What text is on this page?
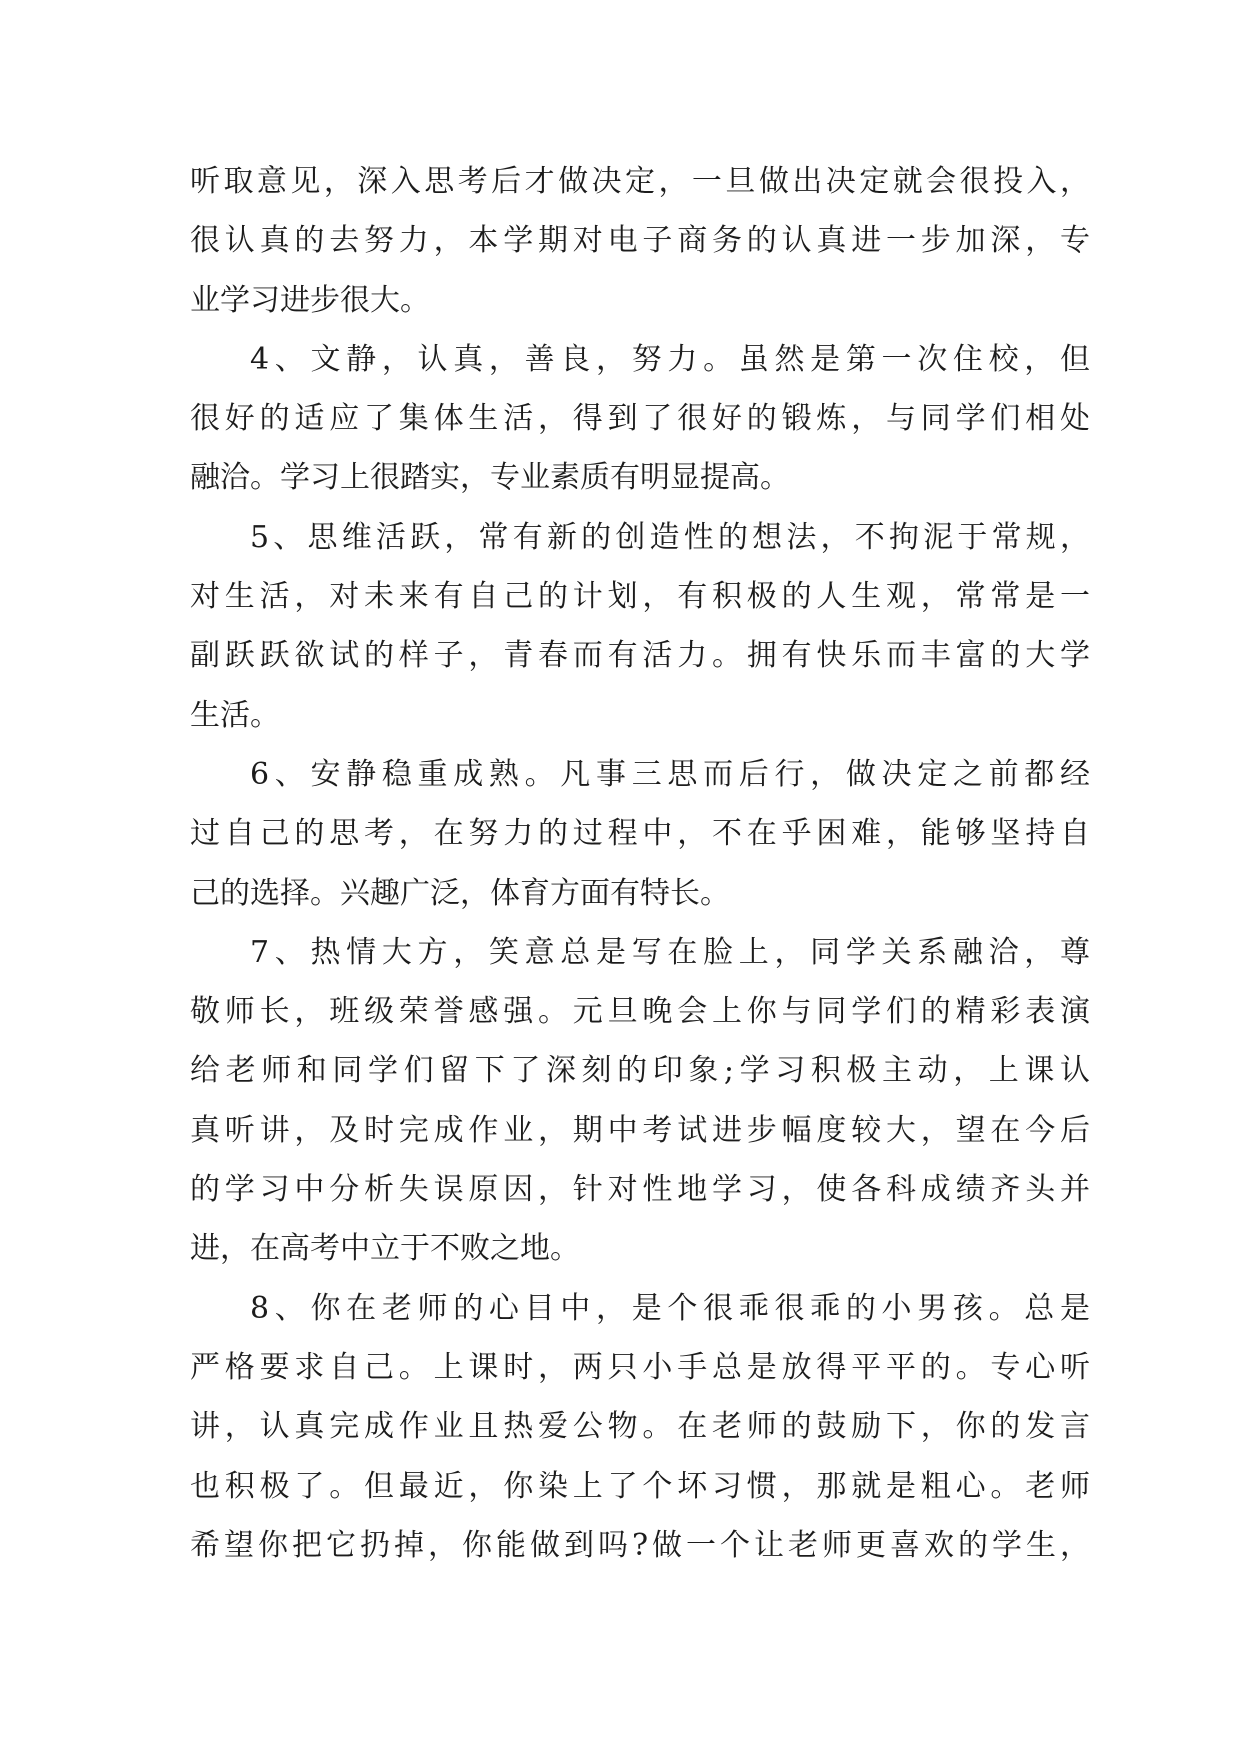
听取意见，深入思考后才做决定，一旦做出决定就会很投入，
很认真的去努力，本学期对电子商务的认真进一步加深，专
业学习进步很大。
4、文静，认真，善良，努力。虽然是第一次住校，但
很好的适应了集体生活，得到了很好的锻炼，与同学们相处
融洽。学习上很踏实，专业素质有明显提高。
5、思维活跃，常有新的创造性的想法，不拘泥于常规，
对生活，对未来有自己的计划，有积极的人生观，常常是一
副跃跃欲试的样子，青春而有活力。拥有快乐而丰富的大学
生活。
6、安静稳重成熟。凡事三思而后行，做决定之前都经
过自己的思考，在努力的过程中，不在乎困难，能够坚持自
己的选择。兴趣广泛，体育方面有特长。
7、热情大方，笑意总是写在脸上，同学关系融洽，尊
敬师长，班级荣誉感强。元旦晚会上你与同学们的精彩表演
给老师和同学们留下了深刻的印象;学习积极主动，上课认
真听讲，及时完成作业，期中考试进步幅度较大，望在今后
的学习中分析失误原因，针对性地学习，使各科成绩齐头并
进，在高考中立于不败之地。
8、你在老师的心目中，是个很乖很乖的小男孩。总是
严格要求自己。上课时，两只小手总是放得平平的。专心听
讲，认真完成作业且热爱公物。在老师的鼓励下，你的发言
也积极了。但最近，你染上了个坏习惯，那就是粗心。老师
希望你把它扔掉，你能做到吗?做一个让老师更喜欢的学生，
